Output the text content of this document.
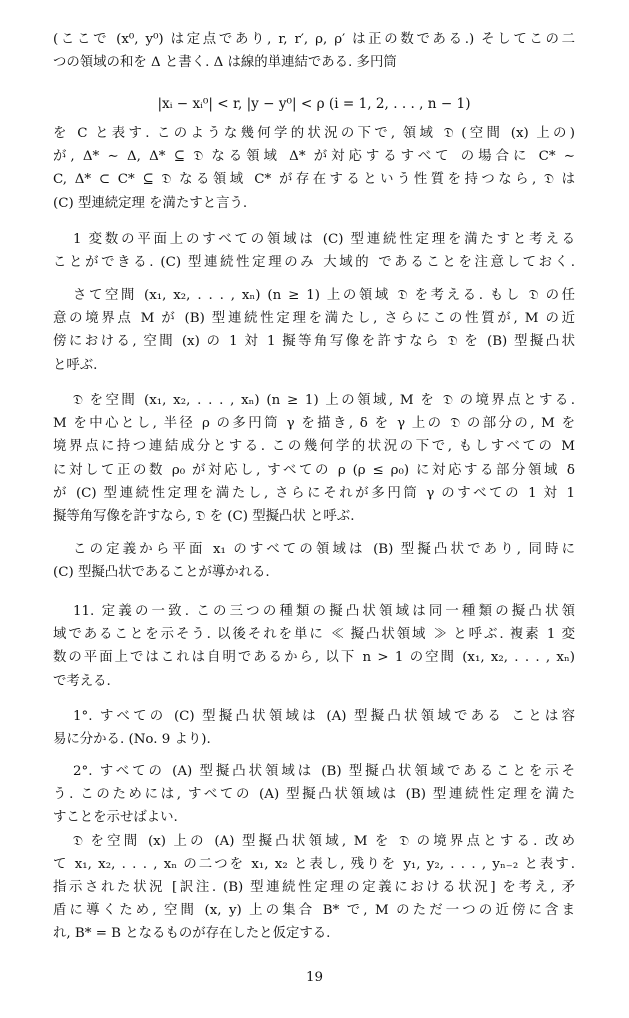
(ここで (x⁰, y⁰) は定点であり, r, r′, ρ, ρ′ は正の数である.) そしてこの二
つの領域の和を Δ と書く. Δ は線的単連結である. 多円筒
|xᵢ − xᵢ⁰| < r, |y − y⁰| < ρ (i = 1, 2, . . . , n − 1)
を C と表す. このような幾何学的状況の下で, 領域 𝔇 (空間 (x) 上の)
が, Δ* ∼ Δ, Δ* ⊆ 𝔇 なる領域 Δ* が対応するすべて の場合に C* ∼
C, Δ* ⊂ C* ⊆ 𝔇 なる領域 C* が存在するという性質を持つなら, 𝔇 は
(C) 型連続定理 を満たすと言う.
1 変数の平面上のすべての領域は (C) 型連続性定理を満たすと考える
ことができる. (C) 型連続性定理のみ 大域的 であることを注意しておく.
さて空間 (x₁, x₂, . . . , xₙ) (n ≥ 1) 上の領域 𝔇 を考える. もし 𝔇 の任
意の境界点 M が (B) 型連続性定理を満たし, さらにこの性質が, M の近
傍における, 空間 (x) の 1 対 1 擬等角写像を許すなら 𝔇 を (B) 型擬凸状
と呼ぶ.
𝔇 を空間 (x₁, x₂, . . . , xₙ) (n ≥ 1) 上の領域, M を 𝔇 の境界点とする.
M を中心とし, 半径 ρ の多円筒 γ を描き, δ を γ 上の 𝔇 の部分の, M を
境界点に持つ連結成分とする. この幾何学的状況の下で, もしすべての M
に対して正の数 ρ₀ が対応し, すべての ρ (ρ ≤ ρ₀) に対応する部分領域 δ
が (C) 型連続性定理を満たし, さらにそれが多円筒 γ のすべての 1 対 1
擬等角写像を許すなら, 𝔇 を (C) 型擬凸状 と呼ぶ.
この定義から平面 x₁ のすべての領域は (B) 型擬凸状であり, 同時に
(C) 型擬凸状であることが導かれる.
11. 定義の一致. この三つの種類の擬凸状領域は同一種類の擬凸状領
域であることを示そう. 以後それを単に ≪ 擬凸状領域 ≫ と呼ぶ. 複素 1 変
数の平面上ではこれは自明であるから, 以下 n > 1 の空間 (x₁, x₂, . . . , xₙ)
で考える.
1°. すべての (C) 型擬凸状領域は (A) 型擬凸状領域である ことは容
易に分かる. (No. 9 より).
2°. すべての (A) 型擬凸状領域は (B) 型擬凸状領域であることを示そ
う. このためには, すべての (A) 型擬凸状領域は (B) 型連続性定理を満た
すことを示せばよい.
𝔇 を空間 (x) 上の (A) 型擬凸状領域, M を 𝔇 の境界点とする. 改め
て x₁, x₂, . . . , xₙ の二つを x₁, x₂ と表し, 残りを y₁, y₂, . . . , yₙ₋₂ と表す.
指示された状況 [訳注. (B) 型連続性定理の定義における状況] を考え, 矛
盾に導くため, 空間 (x, y) 上の集合 B* で, M のただ一つの近傍に含ま
れ, B* = B となるものが存在したと仮定する.
19
